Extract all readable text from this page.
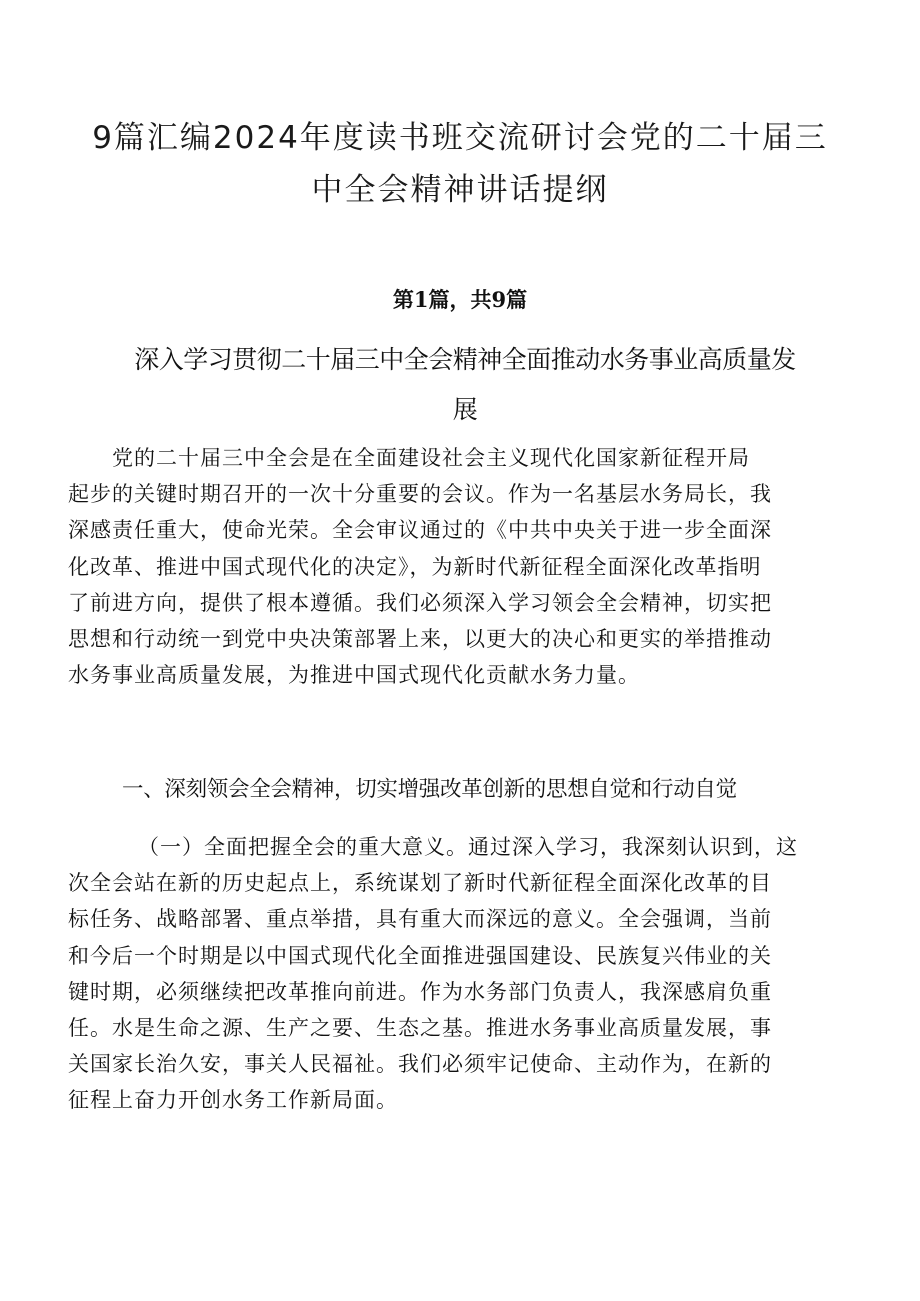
9篇汇编2024年度读书班交流研讨会党的二十届三
中全会精神讲话提纲
第1篇，共9篇
深入学习贯彻二十届三中全会精神全面推动水务事业高质量发
展
党的二十届三中全会是在全面建设社会主义现代化国家新征程开局
起步的关键时期召开的一次十分重要的会议。作为一名基层水务局长，我
深感责任重大，使命光荣。全会审议通过的《中共中央关于进一步全面深
化改革、推进中国式现代化的决定》，为新时代新征程全面深化改革指明
了前进方向，提供了根本遵循。我们必须深入学习领会全会精神，切实把
思想和行动统一到党中央决策部署上来，以更大的决心和更实的举措推动
水务事业高质量发展，为推进中国式现代化贡献水务力量。
一、深刻领会全会精神，切实增强改革创新的思想自觉和行动自觉
（一）全面把握全会的重大意义。通过深入学习，我深刻认识到，这
次全会站在新的历史起点上，系统谋划了新时代新征程全面深化改革的目
标任务、战略部署、重点举措，具有重大而深远的意义。全会强调，当前
和今后一个时期是以中国式现代化全面推进强国建设、民族复兴伟业的关
键时期，必须继续把改革推向前进。作为水务部门负责人，我深感肩负重
任。水是生命之源、生产之要、生态之基。推进水务事业高质量发展，事
关国家长治久安，事关人民福祉。我们必须牢记使命、主动作为，在新的
征程上奋力开创水务工作新局面。
